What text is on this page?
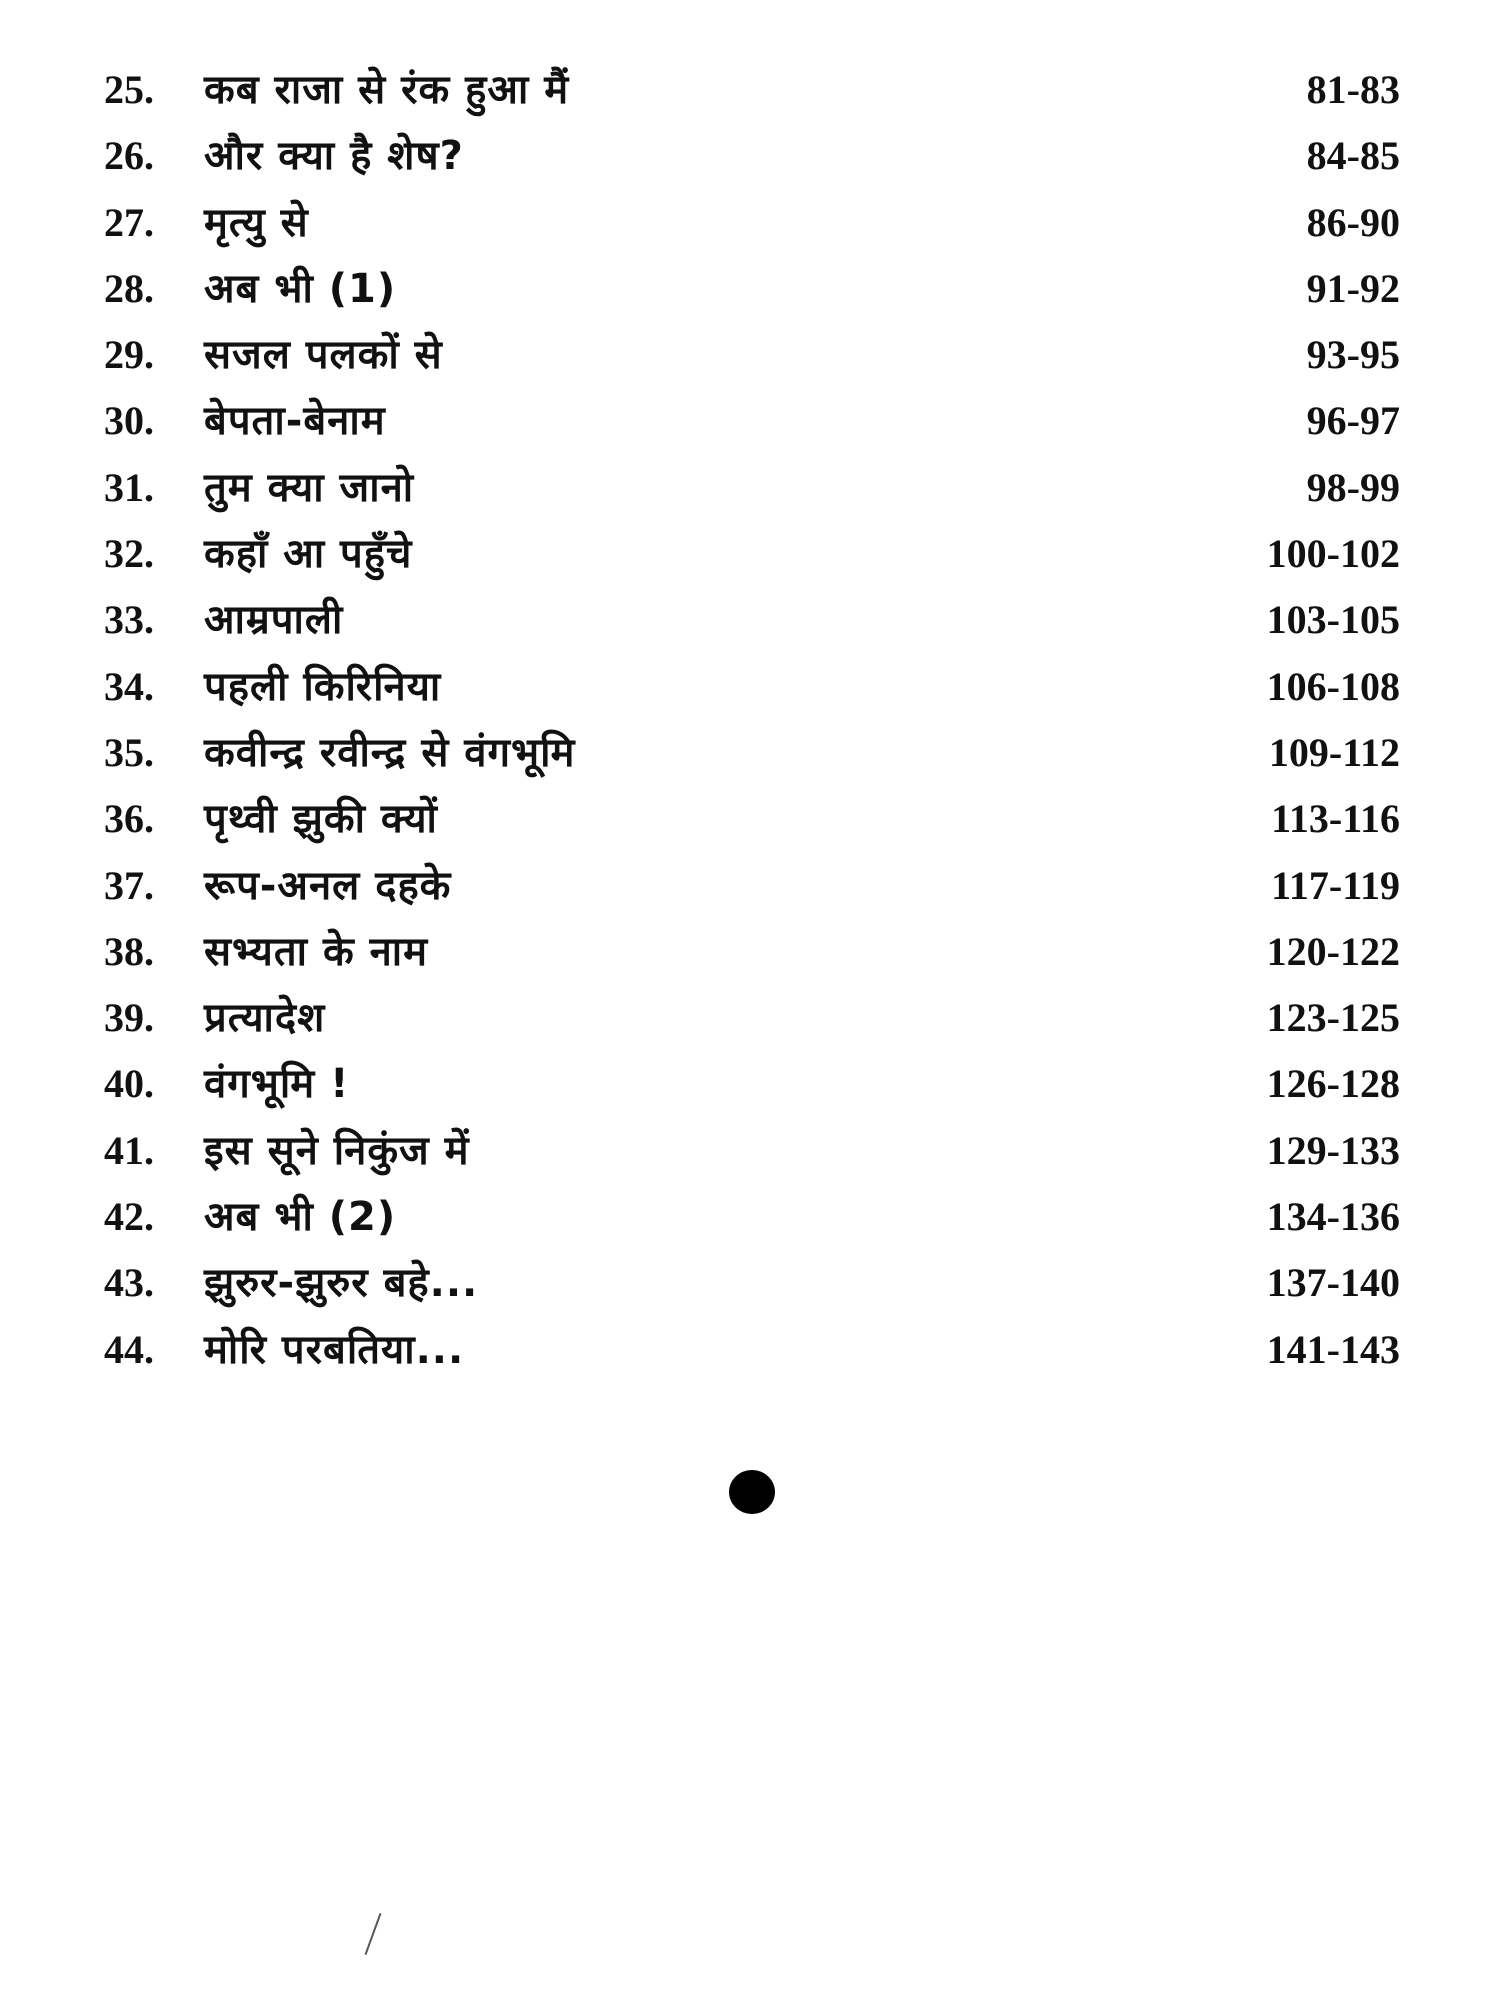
25. कब राजा से रंक हुआ मैं	81-83
26. और क्या है शेष?	84-85
27. मृत्यु से	86-90
28. अब भी (1)	91-92
29. सजल पलकों से	93-95
30. बेपता-बेनाम	96-97
31. तुम क्या जानो	98-99
32. कहाँ आ पहुँचे	100-102
33. आम्रपाली	103-105
34. पहली किरिनिया	106-108
35. कवीन्द्र रवीन्द्र से वंगभूमि	109-112
36. पृथ्वी झुकी क्यों	113-116
37. रूप-अनल दहके	117-119
38. सभ्यता के नाम	120-122
39. प्रत्यादेश	123-125
40. वंगभूमि !	126-128
41. इस सूने निकुंज में	129-133
42. अब भी (2)	134-136
43. झुरुर-झुरुर बहे...	137-140
44. मोरि परबतिया...	141-143
